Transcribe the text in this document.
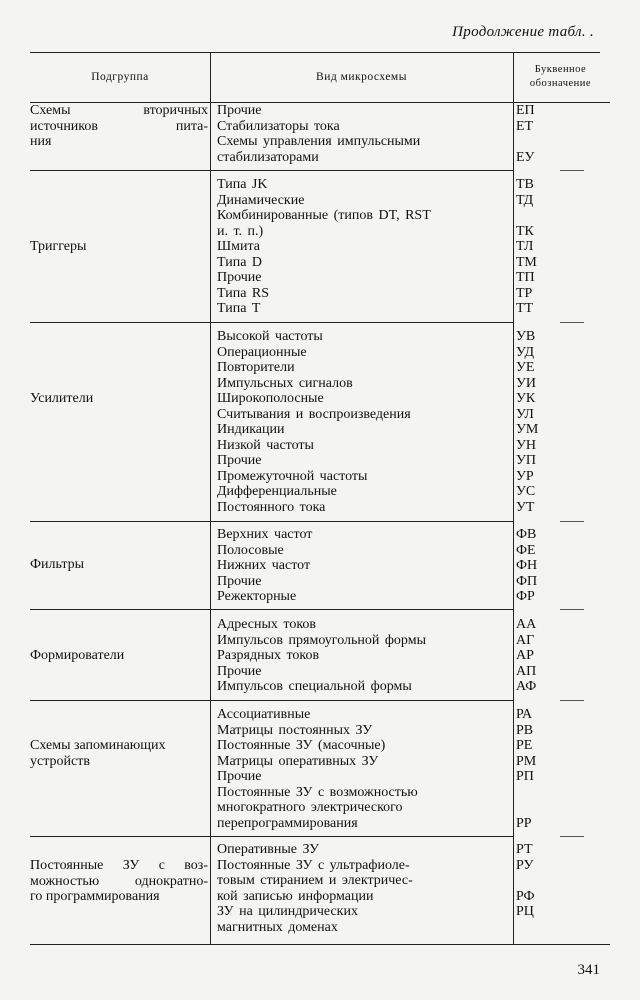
Продолжение табл. .
Подгруппа	Вид микросхемы
Буквенное
обозначение
Схемы вторичных
источников пита-
ния
Прочие
Стабилизаторы тока
Схемы управления импульсными
стабилизаторами
ЕП
ЕТ
ЕУ
Триггеры
Типа JK
Динамические
Комбинированные (типов DT, RST
и. т. п.)
Шмита
Типа D
Прочие
Типа RS
Типа T
ТВ
ТД
ТК
ТЛ
ТМ
ТП
ТР
ТТ
Усилители
Высокой частоты
Операционные
Повторители
Импульсных сигналов
Широкополосные
Считывания и воспроизведения
Индикации
Низкой частоты
Прочие
Промежуточной частоты
Дифференциальные
Постоянного тока
УВ
УД
УЕ
УИ
УК
УЛ
УМ
УН
УП
УР
УС
УТ
Фильтры
Верхних частот
Полосовые
Нижних частот
Прочие
Режекторные
ФВ
ФЕ
ФН
ФП
ФР
Формирователи
Адресных токов
Импульсов прямоугольной формы
Разрядных токов
Прочие
Импульсов специальной формы
АА
АГ
АР
АП
АФ
Схемы запоминающих
устройств
Ассоциативные
Матрицы постоянных ЗУ
Постоянные ЗУ (масочные)
Матрицы оперативных ЗУ
Прочие
Постоянные ЗУ с возможностью
многократного электрического
перепрограммирования
РА
РВ
РЕ
РМ
РП
РР
Постоянные ЗУ с воз-
можностью однократно-
го программирования
Оперативные ЗУ
Постоянные ЗУ с ультрафиоле-
товым стиранием и электричес-
кой записью информации
ЗУ на цилиндрических
магнитных доменах
РТ
РУ
РФ
РЦ
341
